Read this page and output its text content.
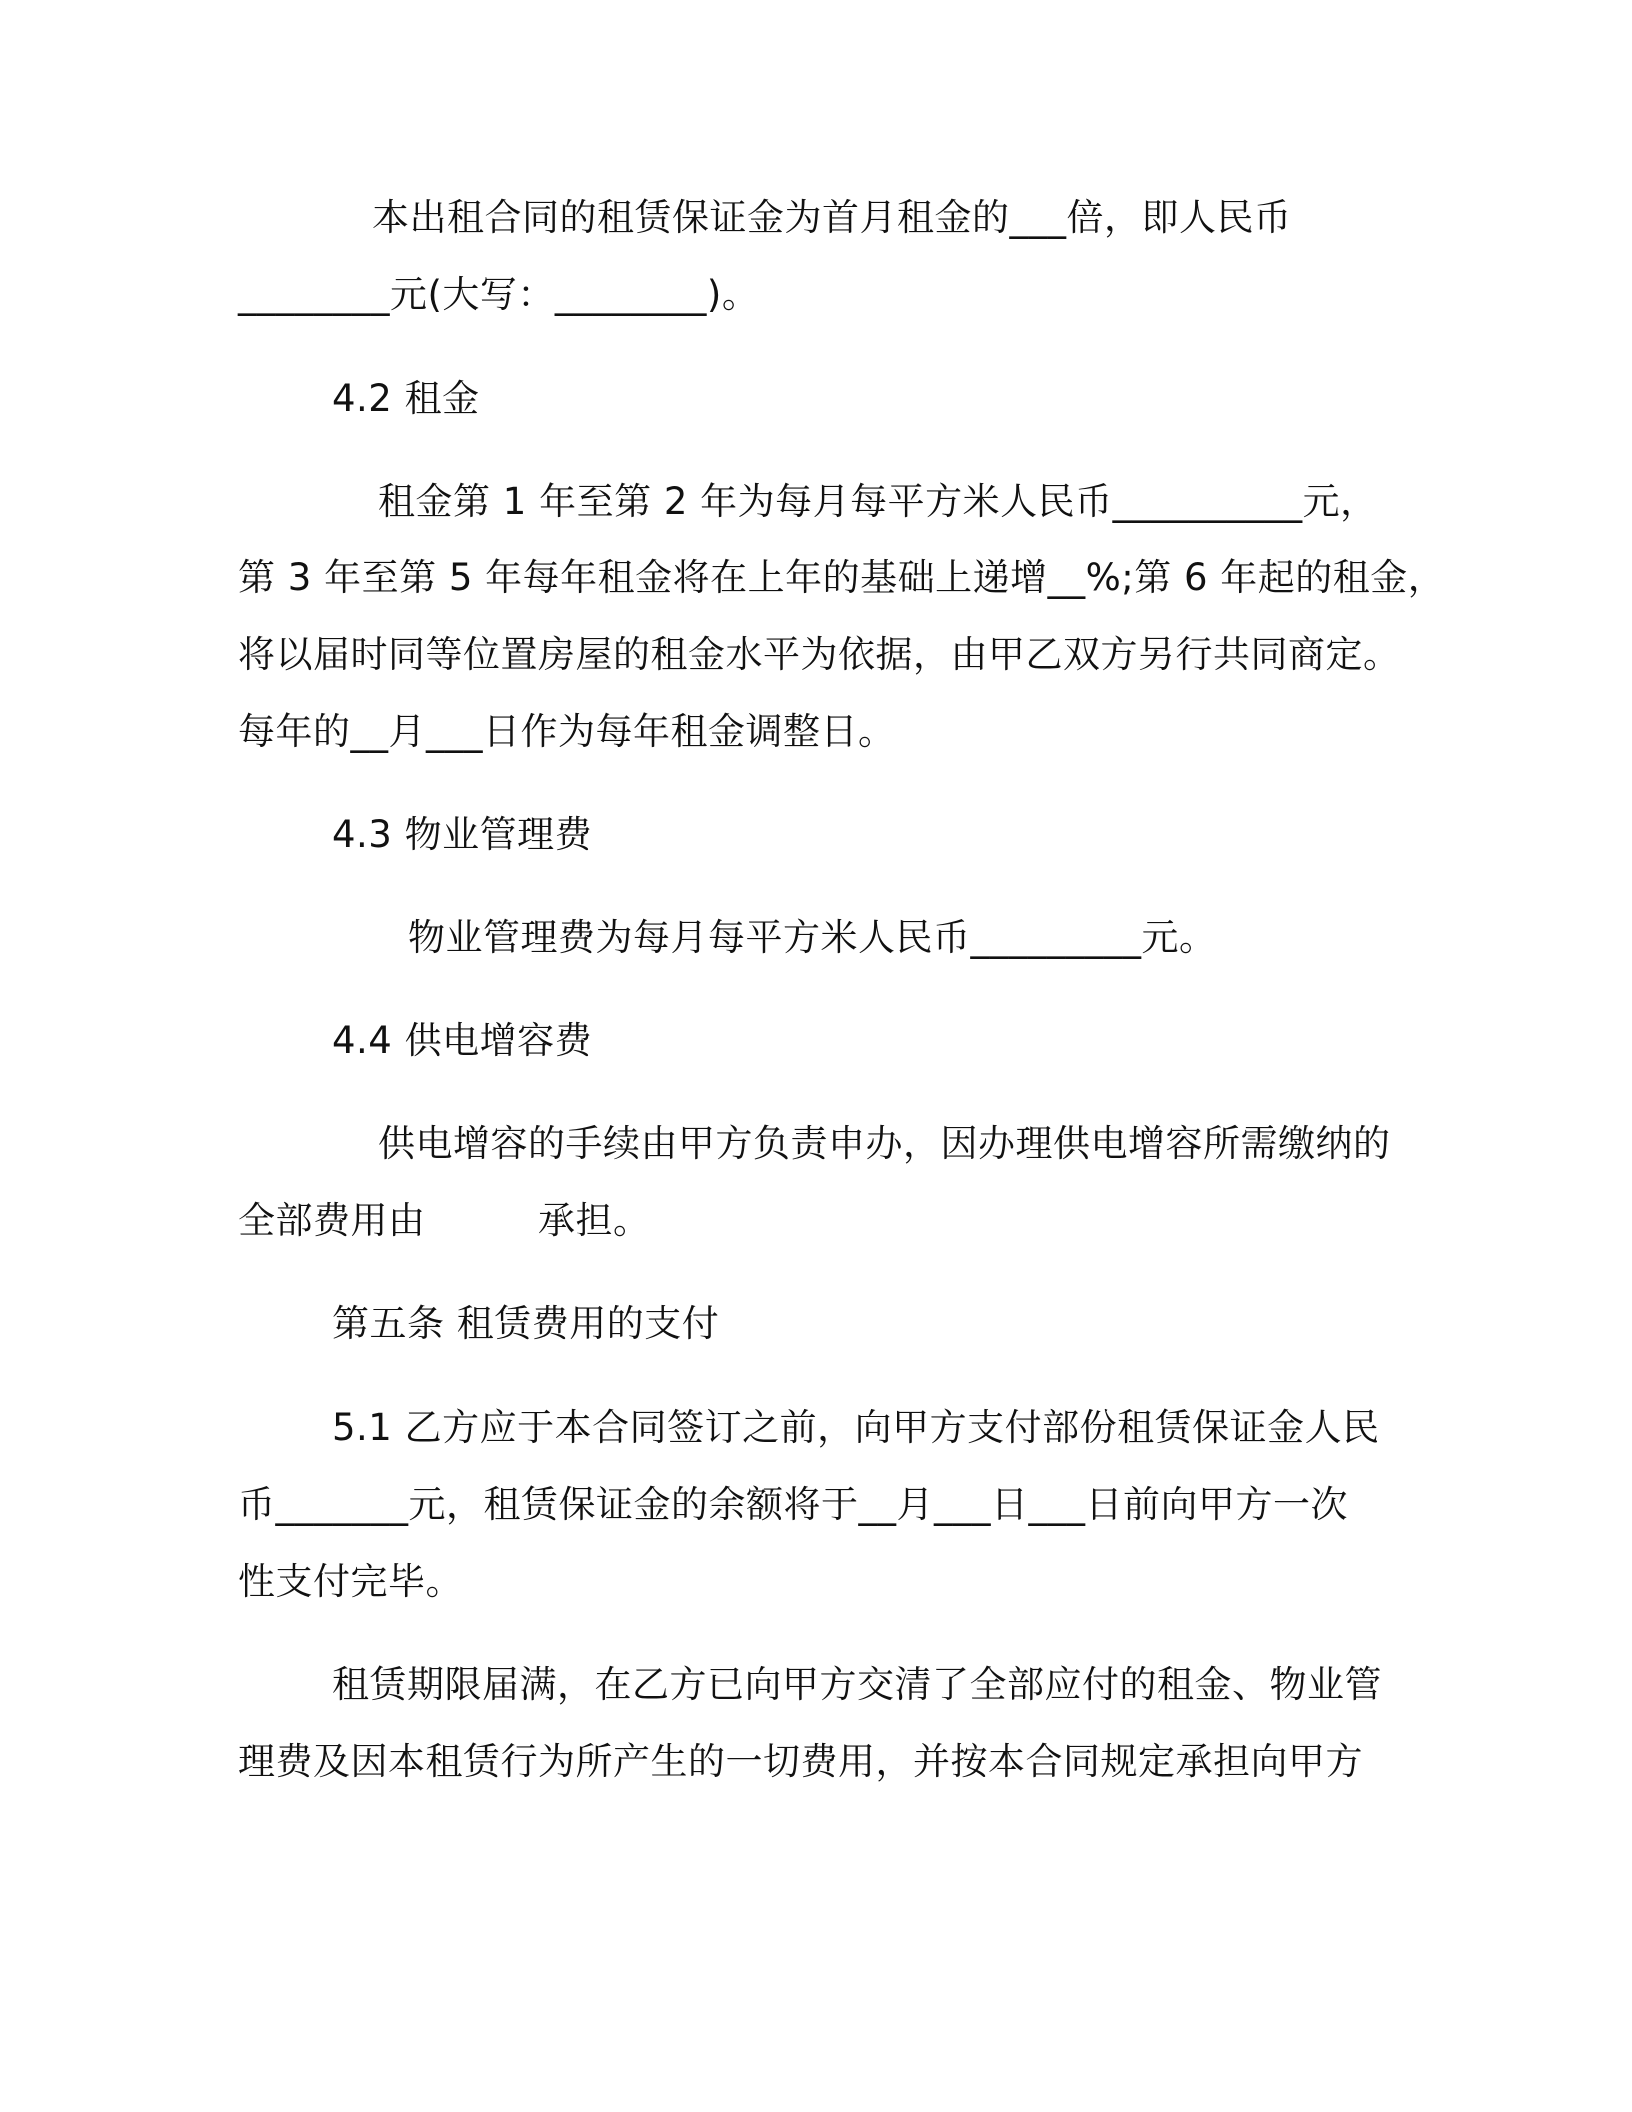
本出租合同的租赁保证金为首月租金的___倍，即人民币

________元(大写：________)。

4.2 租金

租金第 1 年至第 2 年为每月每平方米人民币__________元，

第 3 年至第 5 年每年租金将在上年的基础上递增__%;第 6 年起的租金，

将以届时同等位置房屋的租金水平为依据，由甲乙双方另行共同商定。

每年的__月___日作为每年租金调整日。

4.3 物业管理费

物业管理费为每月每平方米人民币_________元。

4.4 供电增容费

供电增容的手续由甲方负责申办，因办理供电增容所需缴纳的

全部费用由　　　承担。

第五条 租赁费用的支付

5.1 乙方应于本合同签订之前，向甲方支付部份租赁保证金人民

币_______元，租赁保证金的余额将于__月___日___日前向甲方一次

性支付完毕。

租赁期限届满，在乙方已向甲方交清了全部应付的租金、物业管

理费及因本租赁行为所产生的一切费用，并按本合同规定承担向甲方
